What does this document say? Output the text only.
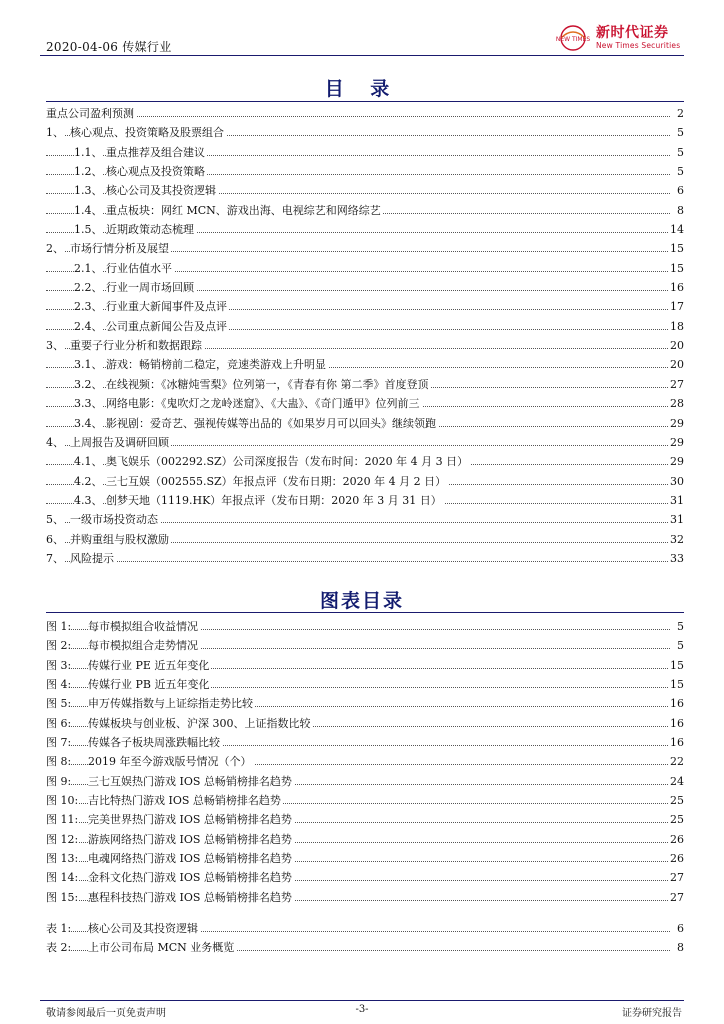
2020-04-06 传媒行业
NEW TIMES 新时代证券
New Times Securities
目 录
重点公司盈利预测	2
1、 核心观点、投资策略及股票组合	5
1.1、 重点推荐及组合建议	5
1.2、 核心观点及投资策略	5
1.3、 核心公司及其投资逻辑	6
1.4、 重点板块：网红 MCN、游戏出海、电视综艺和网络综艺	8
1.5、 近期政策动态梳理	14
2、 市场行情分析及展望	15
2.1、 行业估值水平	15
2.2、 行业一周市场回顾	16
2.3、 行业重大新闻事件及点评	17
2.4、 公司重点新闻公告及点评	18
3、 重要子行业分析和数据跟踪	20
3.1、 游戏：畅销榜前二稳定，竞速类游戏上升明显	20
3.2、 在线视频：《冰糖炖雪梨》位列第一，《青春有你 第二季》首度登顶	27
3.3、 网络电影：《鬼吹灯之龙岭迷窟》、《大蛊》、《奇门遁甲》位列前三	28
3.4、 影视剧：爱奇艺、强视传媒等出品的《如果岁月可以回头》继续领跑	29
4、 上周报告及调研回顾	29
4.1、 奥飞娱乐（002292.SZ）公司深度报告（发布时间：2020 年 4 月 3 日）	29
4.2、 三七互娱（002555.SZ）年报点评（发布日期：2020 年 4 月 2 日）	30
4.3、 创梦天地（1119.HK）年报点评（发布日期：2020 年 3 月 31 日）	31
5、 一级市场投资动态	31
6、 并购重组与股权激励	32
7、 风险提示	33
图表目录
图 1: 每市模拟组合收益情况	5
图 2: 每市模拟组合走势情况	5
图 3: 传媒行业 PE 近五年变化	15
图 4: 传媒行业 PB 近五年变化	15
图 5: 申万传媒指数与上证综指走势比较	16
图 6: 传媒板块与创业板、沪深 300、上证指数比较	16
图 7: 传媒各子板块周涨跌幅比较	16
图 8: 2019 年至今游戏版号情况（个）	22
图 9: 三七互娱热门游戏 IOS 总畅销榜排名趋势	24
图 10: 吉比特热门游戏 IOS 总畅销榜排名趋势	25
图 11: 完美世界热门游戏 IOS 总畅销榜排名趋势	25
图 12: 游族网络热门游戏 IOS 总畅销榜排名趋势	26
图 13: 电魂网络热门游戏 IOS 总畅销榜排名趋势	26
图 14: 金科文化热门游戏 IOS 总畅销榜排名趋势	27
图 15: 惠程科技热门游戏 IOS 总畅销榜排名趋势	27
表 1: 核心公司及其投资逻辑	6
表 2: 上市公司布局 MCN 业务概览	8
敬请参阅最后一页免责声明	-3-	证券研究报告
